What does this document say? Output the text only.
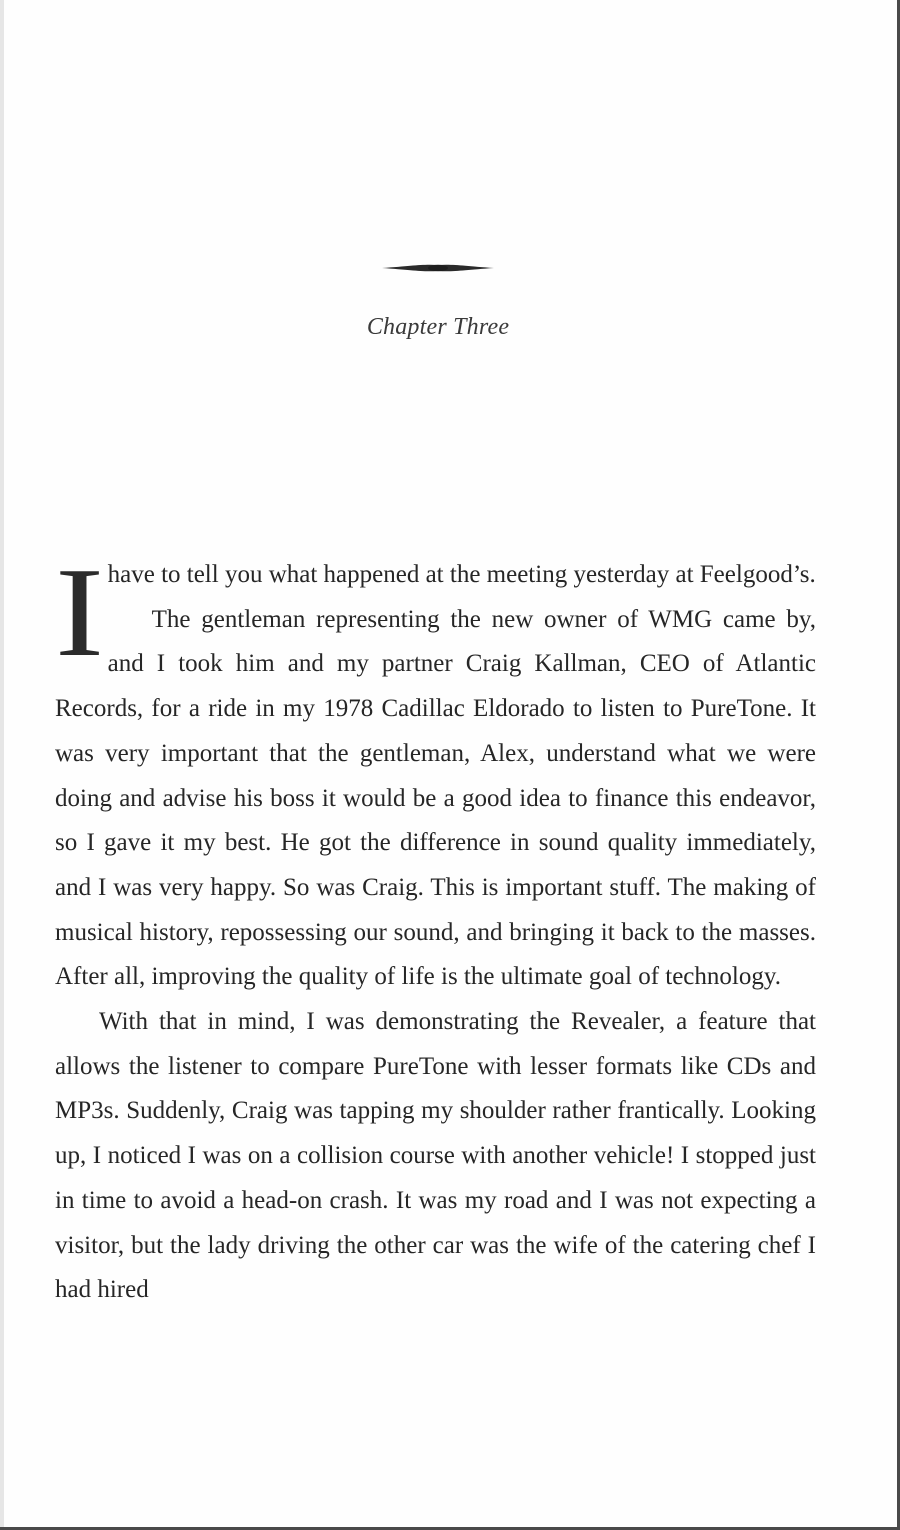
Chapter Three

Ihave to tell you what happened at the meeting yesterday at Feelgood’s.

The gentleman representing the new owner of WMG came by, and I took him and my partner Craig Kallman, CEO of Atlantic Records, for a ride in my 1978 Cadillac Eldorado to listen to PureTone. It was very important that the gentleman, Alex, understand what we were doing and advise his boss it would be a good idea to finance this endeavor, so I gave it my best. He got the difference in sound quality immediately, and I was very happy. So was Craig. This is important stuff. The making of musical history, repossessing our sound, and bringing it back to the masses. After all, improving the quality of life is the ultimate goal of technology.

With that in mind, I was demonstrating the Revealer, a feature that allows the listener to compare PureTone with lesser formats like CDs and MP3s. Suddenly, Craig was tapping my shoulder rather frantically. Looking up, I noticed I was on a collision course with another vehicle! I stopped just in time to avoid a head-on crash. It was my road and I was not expecting a visitor, but the lady driving the other car was the wife of the catering chef I had hired
